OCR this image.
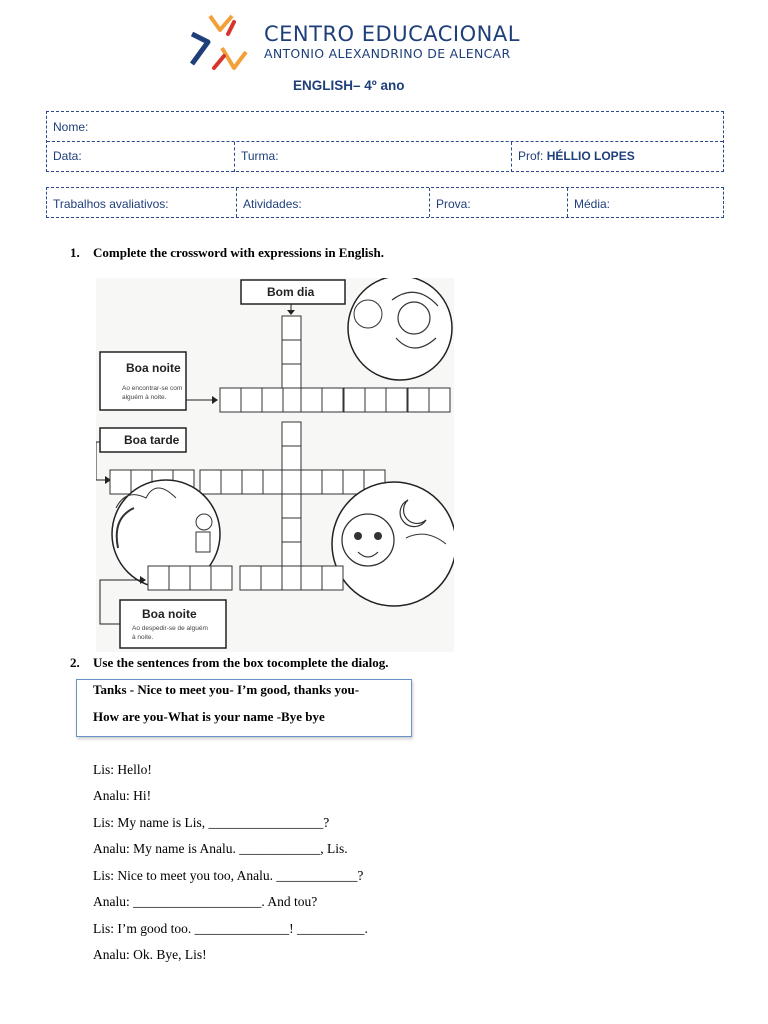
CENTRO EDUCACIONAL
ANTONIO ALEXANDRINO DE ALENCAR
ENGLISH– 4º ano
Nome:
Data:	Turma:	Prof: HÉLLIO LOPES
Trabalhos avaliativos:	Atividades:	Prova:	Média:
1. Complete the crossword with expressions in English.
Bom dia
Boa noite
Ao encontrar-se com
alguém à noite.
Boa tarde
Boa noite
Ao despedir-se de alguém
à noite.
2. Use the sentences from the box tocomplete the dialog.
Tanks - Nice to meet you- I’m good, thanks you-
How are you-What is your name -Bye bye
Lis: Hello!
Analu: Hi!
Lis: My name is Lis, _________________?
Analu: My name is Analu. ____________, Lis.
Lis: Nice to meet you too, Analu. ____________?
Analu: ___________________. And tou?
Lis: I’m good too. ______________! __________.
Analu: Ok. Bye, Lis!
